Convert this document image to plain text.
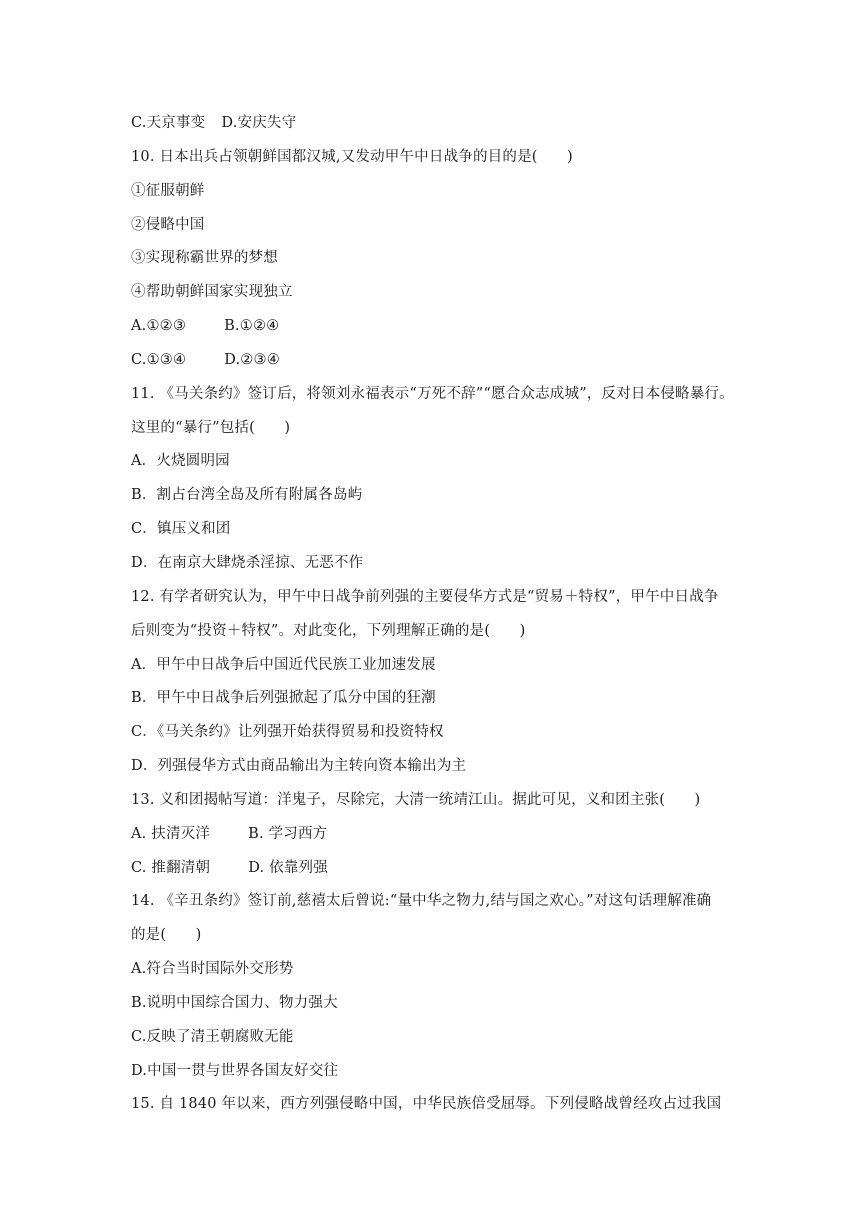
C.天京事变 D.安庆失守
10. 日本出兵占领朝鲜国都汉城,又发动甲午中日战争的目的是(　　)
①征服朝鲜
②侵略中国
③实现称霸世界的梦想
④帮助朝鲜国家实现独立
A.①②③	B.①②④
C.①③④	D.②③④
11. 《马关条约》签订后，将领刘永福表示“万死不辞”“愿合众志成城”，反对日本侵略暴行。
这里的“暴行”包括(　　)
A．火烧圆明园
B．割占台湾全岛及所有附属各岛屿
C．镇压义和团
D．在南京大肆烧杀淫掠、无恶不作
12. 有学者研究认为，甲午中日战争前列强的主要侵华方式是“贸易＋特权”，甲午中日战争
后则变为“投资＋特权”。对此变化，下列理解正确的是(　　)
A．甲午中日战争后中国近代民族工业加速发展
B．甲午中日战争后列强掀起了瓜分中国的狂潮
C．《马关条约》让列强开始获得贸易和投资特权
D．列强侵华方式由商品输出为主转向资本输出为主
13. 义和团揭帖写道：洋鬼子，尽除完，大清一统靖江山。据此可见，义和团主张(　　)
A. 扶清灭洋	B. 学习西方
C. 推翻清朝	D. 依靠列强
14. 《辛丑条约》签订前,慈禧太后曾说:“量中华之物力,结与国之欢心。”对这句话理解准确
的是(　　)
A.符合当时国际外交形势
B.说明中国综合国力、物力强大
C.反映了清王朝腐败无能
D.中国一贯与世界各国友好交往
15. 自 1840 年以来，西方列强侵略中国，中华民族倍受屈辱。下列侵略战曾经攻占过我国
